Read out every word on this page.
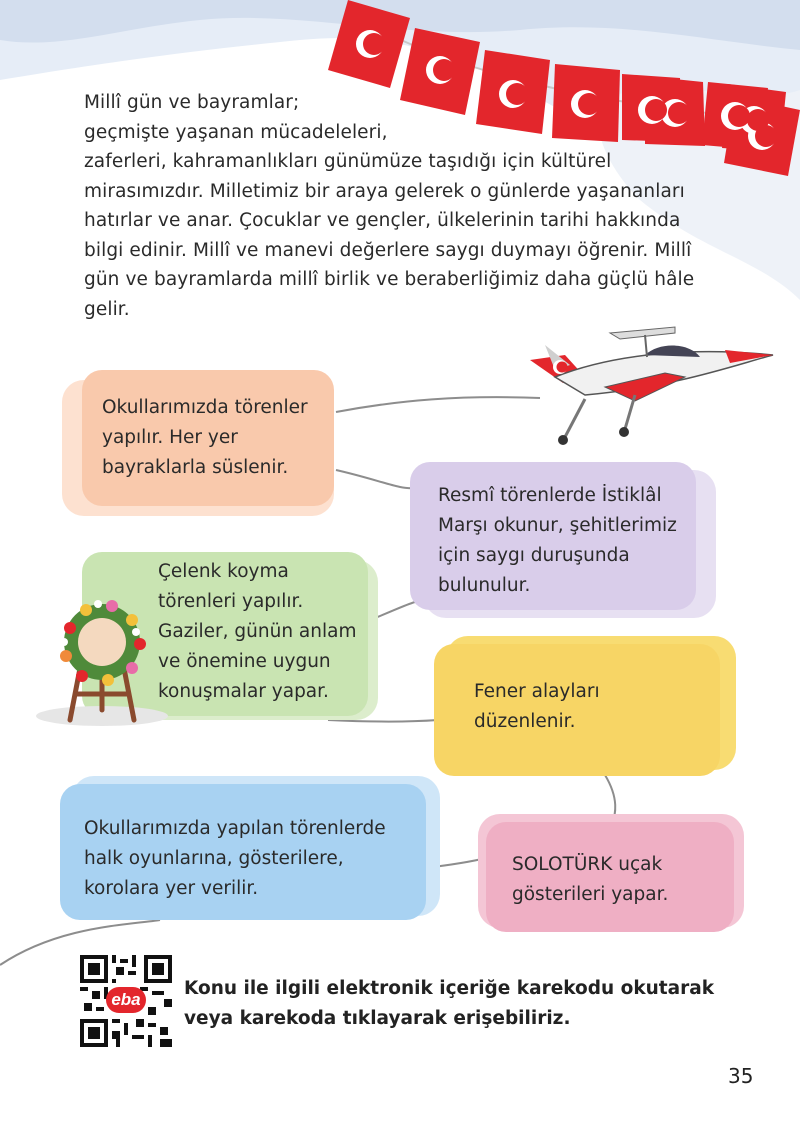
Millî gün ve bayramlar;
geçmişte yaşanan mücadeleleri,
zaferleri, kahramanlıkları günümüze taşıdığı için kültürel
mirasımızdır. Milletimiz bir araya gelerek o günlerde yaşananları
hatırlar ve anar. Çocuklar ve gençler, ülkelerinin tarihi hakkında
bilgi edinir. Millî ve manevi değerlere saygı duymayı öğrenir. Millî
gün ve bayramlarda millî birlik ve beraberliğimiz daha güçlü hâle
gelir.
Okullarımızda törenler
yapılır. Her yer
bayraklarla süslenir.
Resmî törenlerde İstiklâl
Marşı okunur, şehitlerimiz
için saygı duruşunda
bulunulur.
Çelenk koyma
törenleri yapılır.
Gaziler, günün anlam
ve önemine uygun
konuşmalar yapar.	Fener alayları
düzenlenir.
Okullarımızda yapılan törenlerde
halk oyunlarına, gösterilere,
korolara yer verilir.
SOLOTÜRK uçak
gösterileri yapar.
eba
Konu ile ilgili elektronik içeriğe karekodu okutarak
veya karekoda tıklayarak erişebiliriz.
35
